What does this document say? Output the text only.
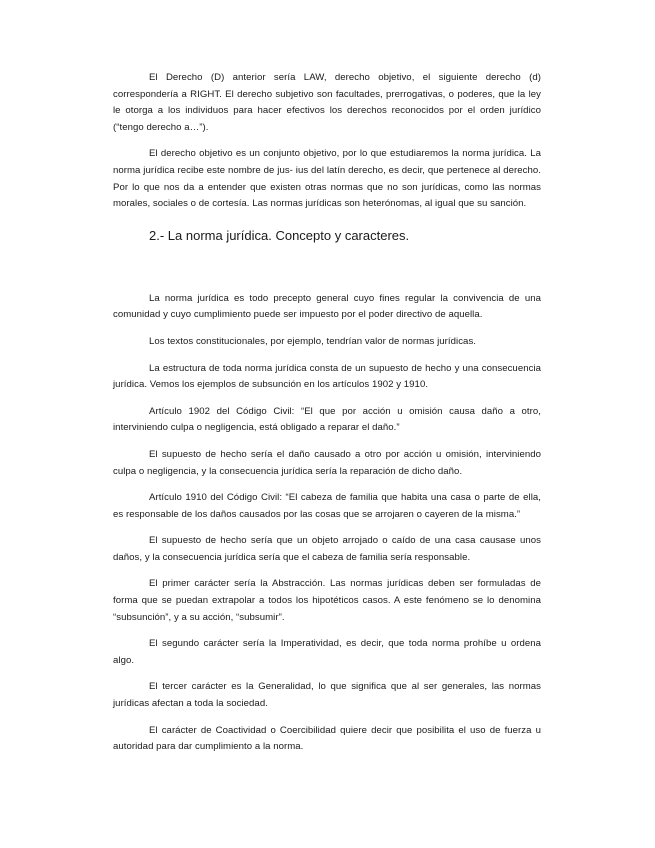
El Derecho (D) anterior sería LAW, derecho objetivo, el siguiente derecho (d) correspondería a RIGHT. El derecho subjetivo son facultades, prerrogativas, o poderes, que la ley le otorga a los individuos para hacer efectivos los derechos reconocidos por el orden jurídico (“tengo derecho a…”).

El derecho objetivo es un conjunto objetivo, por lo que estudiaremos la norma jurídica. La norma jurídica recibe este nombre de jus- ius del latín derecho, es decir, que pertenece al derecho. Por lo que nos da a entender que existen otras normas que no son jurídicas, como las normas morales, sociales o de cortesía. Las normas jurídicas son heterónomas, al igual que su sanción.

2.- La norma jurídica. Concepto y caracteres.

La norma jurídica es todo precepto general cuyo fines regular la convivencia de una comunidad y cuyo cumplimiento puede ser impuesto por el poder directivo de aquella.

Los textos constitucionales, por ejemplo, tendrían valor de normas jurídicas.

La estructura de toda norma jurídica consta de un supuesto de hecho y una consecuencia jurídica. Vemos los ejemplos de subsunción en los artículos 1902 y 1910.

Artículo 1902 del Código Civil: “El que por acción u omisión causa daño a otro, interviniendo culpa o negligencia, está obligado a reparar el daño.”

El supuesto de hecho sería el daño causado a otro por acción u omisión, interviniendo culpa o negligencia, y la consecuencia jurídica sería la reparación de dicho daño.

Artículo 1910 del Código Civil: “El cabeza de familia que habita una casa o parte de ella, es responsable de los daños causados por las cosas que se arrojaren o cayeren de la misma.”

El supuesto de hecho sería que un objeto arrojado o caído de una casa causase unos daños, y la consecuencia jurídica sería que el cabeza de familia sería responsable.

El primer carácter sería la Abstracción. Las normas jurídicas deben ser formuladas de forma que se puedan extrapolar a todos los hipotéticos casos. A este fenómeno se lo denomina “subsunción”, y a su acción, “subsumir”.

El segundo carácter sería la Imperatividad, es decir, que toda norma prohíbe u ordena algo.

El tercer carácter es la Generalidad, lo que significa que al ser generales, las normas jurídicas afectan a toda la sociedad.

El carácter de Coactividad o Coercibilidad quiere decir que posibilita el uso de fuerza u autoridad para dar cumplimiento a la norma.
